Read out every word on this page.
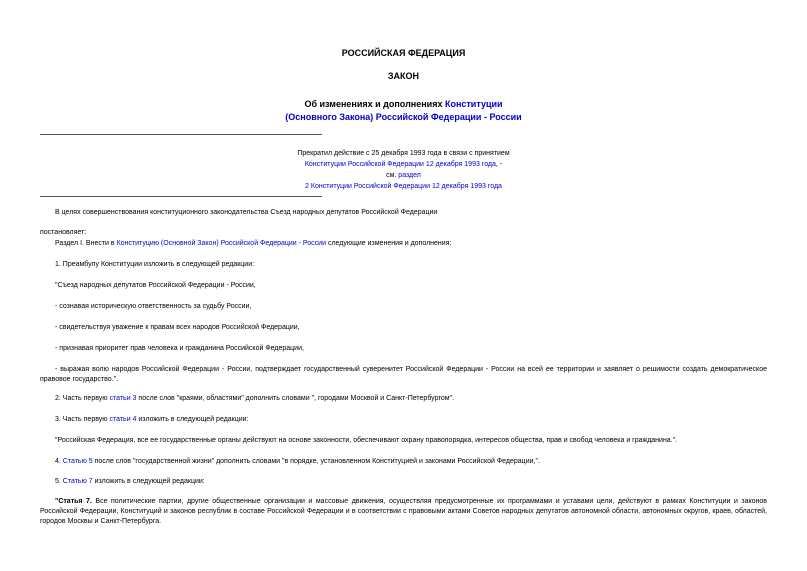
РОССИЙСКАЯ ФЕДЕРАЦИЯ
ЗАКОН
Об изменениях и дополнениях Конституции
(Основного Закона) Российской Федерации - России
Прекратил действие с 25 декабря 1993 года в связи с принятием
Конституции Российской Федерации 12 декабря 1993 года, -
см. раздел
2 Конституции Российской Федерации 12 декабря 1993 года
В целях совершенствования конституционного законодательства Съезд народных депутатов Российской Федерации
постановляет:
Раздел I. Внести в Конституцию (Основной Закон) Российской Федерации - России следующие изменения и дополнения:
1. Преамбулу Конституции изложить в следующей редакции:
"Съезд народных депутатов Российской Федерации - России,
- сознавая историческую ответственность за судьбу России,
- свидетельствуя уважение к правам всех народов Российской Федерации,
- признавая приоритет прав человека и гражданина Российской Федерации,
- выражая волю народов Российской Федерации - России, подтверждает государственный суверенитет Российской Федерации - России на всей ее территории и заявляет о решимости создать демократическое правовое государство.".
2. Часть первую статьи 3 после слов "краями, областями" дополнить словами ", городами Москвой и Санкт-Петербургом".
3. Часть первую статьи 4 изложить в следующей редакции:
"Российская Федерация, все ее государственные органы действуют на основе законности, обеспечивают охрану правопорядка, интересов общества, прав и свобод человека и гражданина.".
4. Статью 5 после слов "государственной жизни" дополнить словами "в порядке, установленном Конституцией и законами Российской Федерации,".
5. Статью 7 изложить в следующей редакции:
"Статья 7. Все политические партии, другие общественные организации и массовые движения, осуществляя предусмотренные их программами и уставами цели, действуют в рамках Конституции и законов Российской Федерации, Конституций и законов республик в составе Российской Федерации и в соответствии с правовыми актами Советов народных депутатов автономной области, автономных округов, краев, областей, городов Москвы и Санкт-Петербурга.
